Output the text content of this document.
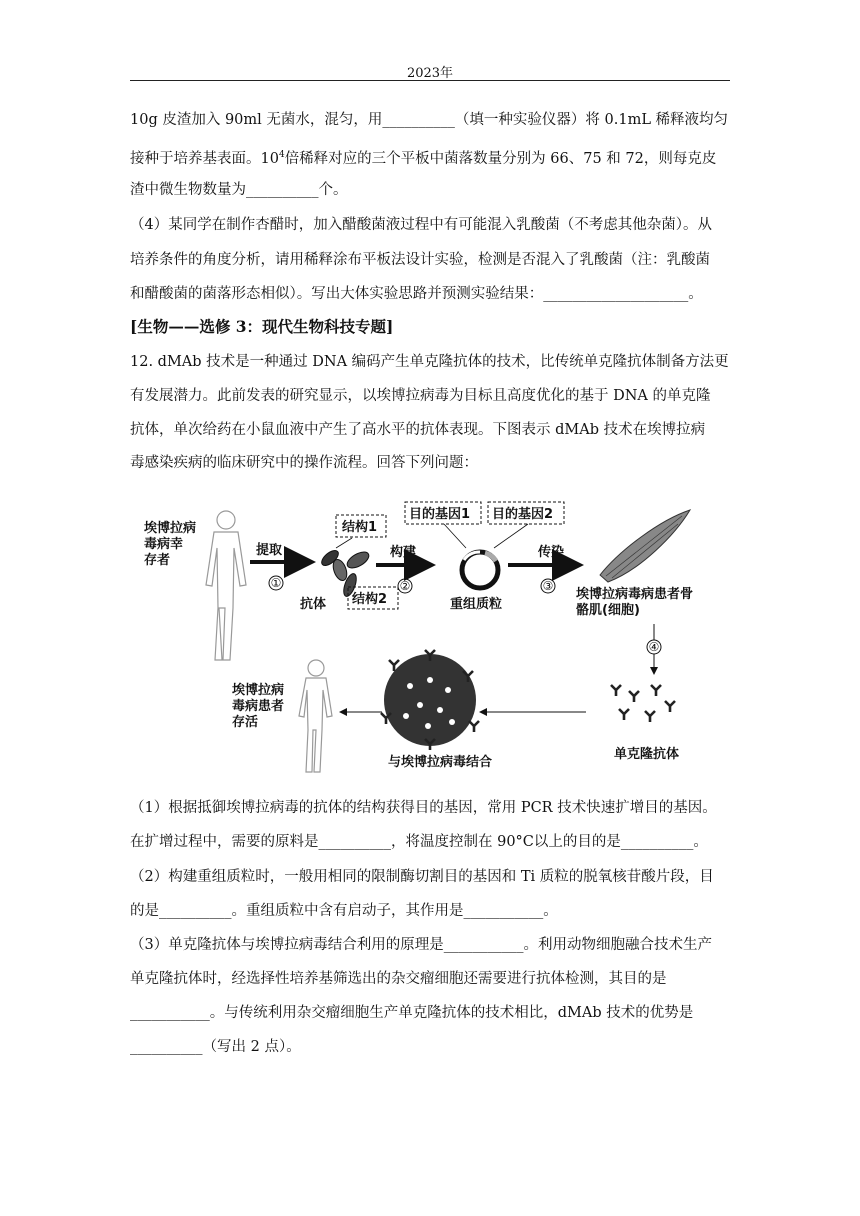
2023年
10g 皮渣加入 90ml 无菌水，混匀，用__________（填一种实验仪器）将 0.1mL 稀释液均匀
接种于培养基表面。$10^4$倍稀释对应的三个平板中菌落数量分别为 66、75 和 72，则每克皮
渣中微生物数量为__________个。
（4）某同学在制作杏醋时，加入醋酸菌液过程中有可能混入乳酸菌（不考虑其他杂菌）。从
培养条件的角度分析，请用稀释涂布平板法设计实验，检测是否混入了乳酸菌（注：乳酸菌
和醋酸菌的菌落形态相似）。写出大体实验思路并预测实验结果：____________________。
[生物——选修 3：现代生物科技专题]
12. dMAb 技术是一种通过 DNA 编码产生单克隆抗体的技术，比传统单克隆抗体制备方法更
有发展潜力。此前发表的研究显示，以埃博拉病毒为目标且高度优化的基于 DNA 的单克隆
抗体，单次给药在小鼠血液中产生了高水平的抗体表现。下图表示 dMAb 技术在埃博拉病
毒感染疾病的临床研究中的操作流程。回答下列问题：
埃博拉病
毒病幸
存者
提取
①
结构1
抗体 结构2
构建
②
目的基因1 目的基因2
重组质粒
传染
③
埃博拉病毒病患者骨
骼肌(细胞)
④
单克隆抗体
与埃博拉病毒结合
埃博拉病
毒病患者
存活
（1）根据抵御埃博拉病毒的抗体的结构获得目的基因，常用 PCR 技术快速扩增目的基因。
在扩增过程中，需要的原料是__________，将温度控制在 90°C以上的目的是__________。
（2）构建重组质粒时，一般用相同的限制酶切割目的基因和 Ti 质粒的脱氧核苷酸片段，目
的是__________。重组质粒中含有启动子，其作用是___________。
（3）单克隆抗体与埃博拉病毒结合利用的原理是___________。利用动物细胞融合技术生产
单克隆抗体时，经选择性培养基筛选出的杂交瘤细胞还需要进行抗体检测，其目的是
___________。与传统利用杂交瘤细胞生产单克隆抗体的技术相比，dMAb 技术的优势是
__________（写出 2 点）。
